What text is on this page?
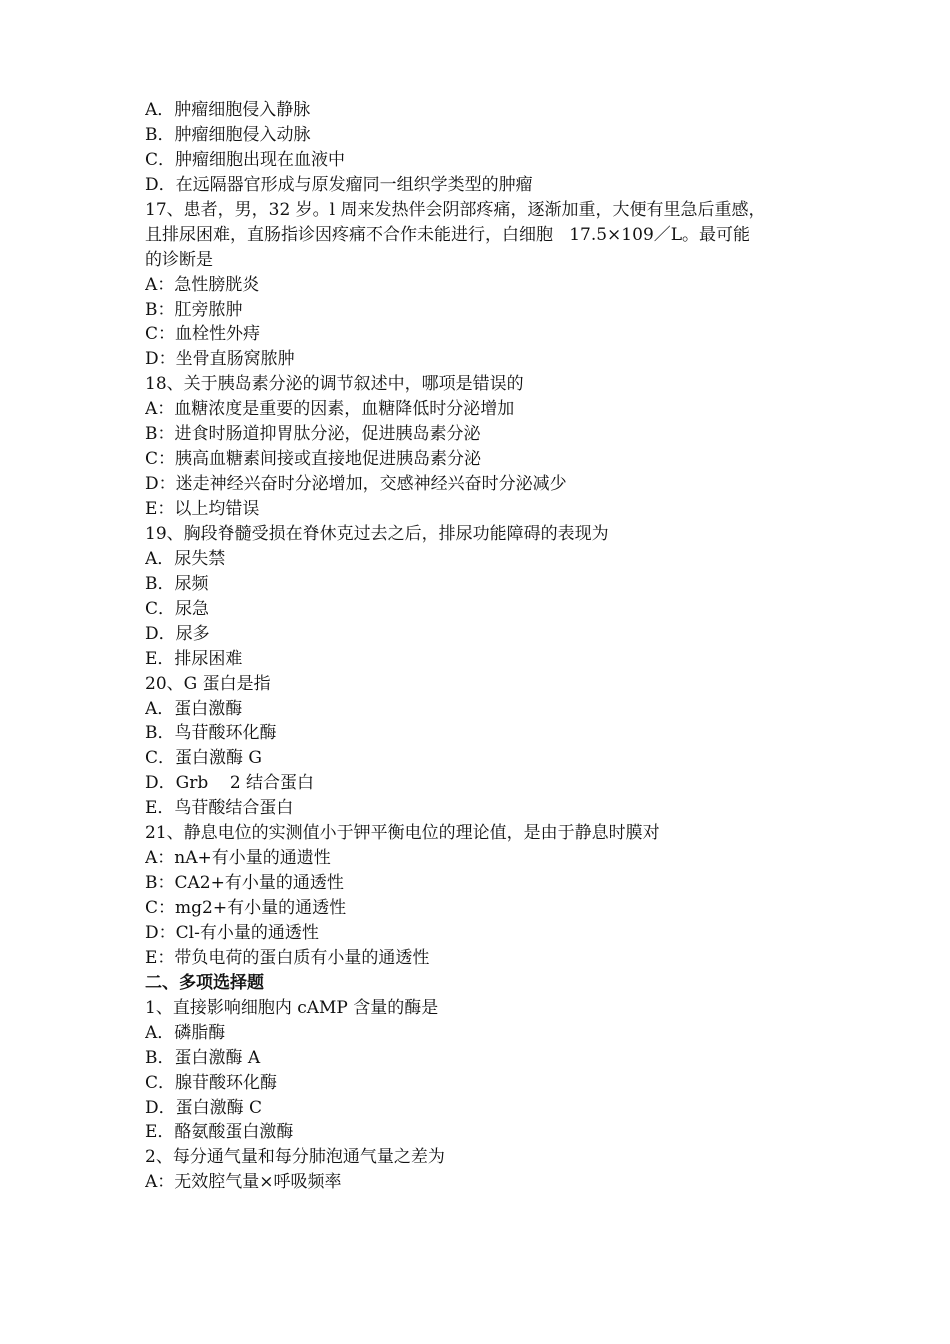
A．肿瘤细胞侵入静脉
B．肿瘤细胞侵入动脉
C．肿瘤细胞出现在血液中
D．在远隔器官形成与原发瘤同一组织学类型的肿瘤
17、患者，男，32 岁。l 周来发热伴会阴部疼痛，逐渐加重，大便有里急后重感，
且排尿困难，直肠指诊因疼痛不合作未能进行，白细胞   17.5×109／L。最可能
的诊断是
A：急性膀胱炎
B：肛旁脓肿
C：血栓性外痔
D：坐骨直肠窝脓肿
18、关于胰岛素分泌的调节叙述中，哪项是错误的
A：血糖浓度是重要的因素，血糖降低时分泌增加
B：进食时肠道抑胃肽分泌，促进胰岛素分泌
C：胰高血糖素间接或直接地促进胰岛素分泌
D：迷走神经兴奋时分泌增加，交感神经兴奋时分泌减少
E：以上均错误
19、胸段脊髓受损在脊休克过去之后，排尿功能障碍的表现为
A．尿失禁
B．尿频
C．尿急
D．尿多
E．排尿困难
20、G 蛋白是指
A．蛋白激酶
B．鸟苷酸环化酶
C．蛋白激酶 G
D．Grb    2 结合蛋白
E．鸟苷酸结合蛋白
21、静息电位的实测值小于钾平衡电位的理论值，是由于静息时膜对
A：nA+有小量的通遗性
B：CA2+有小量的通透性
C：mg2+有小量的通透性
D：Cl-有小量的通透性
E：带负电荷的蛋白质有小量的通透性
二、多项选择题
1、直接影响细胞内 cAMP 含量的酶是
A．磷脂酶
B．蛋白激酶 A
C．腺苷酸环化酶
D．蛋白激酶 C
E．酪氨酸蛋白激酶
2、每分通气量和每分肺泡通气量之差为
A：无效腔气量×呼吸频率
